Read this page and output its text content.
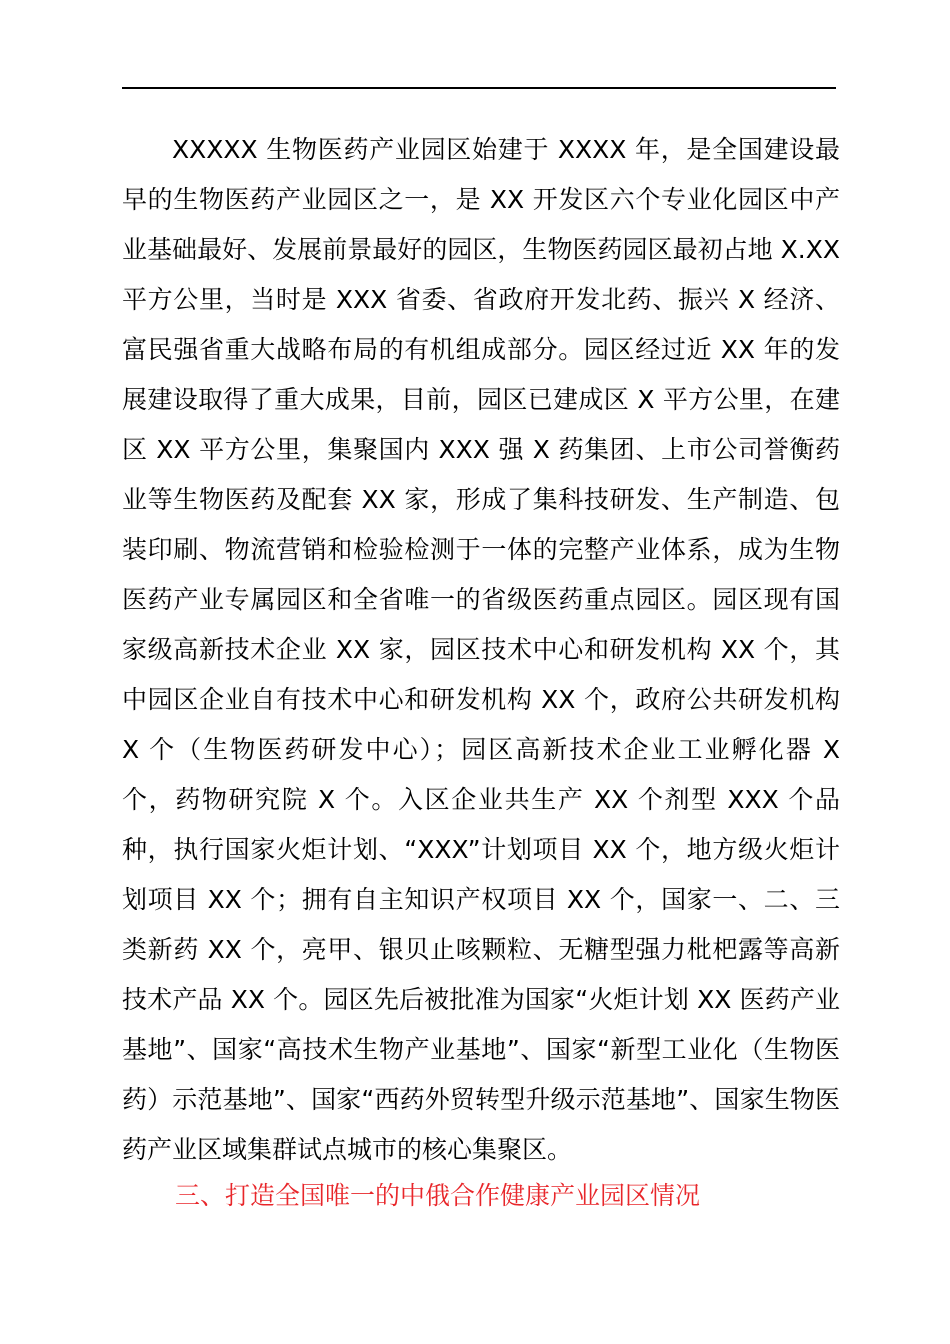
XXXXX 生物医药产业园区始建于 XXXX 年，是全国建设最早的生物医药产业园区之一，是 XX 开发区六个专业化园区中产业基础最好、发展前景最好的园区，生物医药园区最初占地 X.XX 平方公里，当时是 XXX 省委、省政府开发北药、振兴 X 经济、富民强省重大战略布局的有机组成部分。园区经过近 XX 年的发展建设取得了重大成果，目前，园区已建成区 X 平方公里，在建区 XX 平方公里，集聚国内 XXX 强 X 药集团、上市公司誉衡药业等生物医药及配套 XX 家，形成了集科技研发、生产制造、包装印刷、物流营销和检验检测于一体的完整产业体系，成为生物医药产业专属园区和全省唯一的省级医药重点园区。园区现有国家级高新技术企业 XX 家，园区技术中心和研发机构 XX 个，其中园区企业自有技术中心和研发机构 XX 个，政府公共研发机构 X 个（生物医药研发中心）；园区高新技术企业工业孵化器 X 个，药物研究院 X 个。入区企业共生产 XX 个剂型 XXX 个品种，执行国家火炬计划、“XXX”计划项目 XX 个，地方级火炬计划项目 XX 个；拥有自主知识产权项目 XX 个，国家一、二、三类新药 XX 个，亮甲、银贝止咳颗粒、无糖型强力枇杷露等高新技术产品 XX 个。园区先后被批准为国家“火炬计划 XX 医药产业基地”、国家“高技术生物产业基地”、国家“新型工业化（生物医药）示范基地”、国家“西药外贸转型升级示范基地”、国家生物医药产业区域集群试点城市的核心集聚区。

三、打造全国唯一的中俄合作健康产业园区情况
